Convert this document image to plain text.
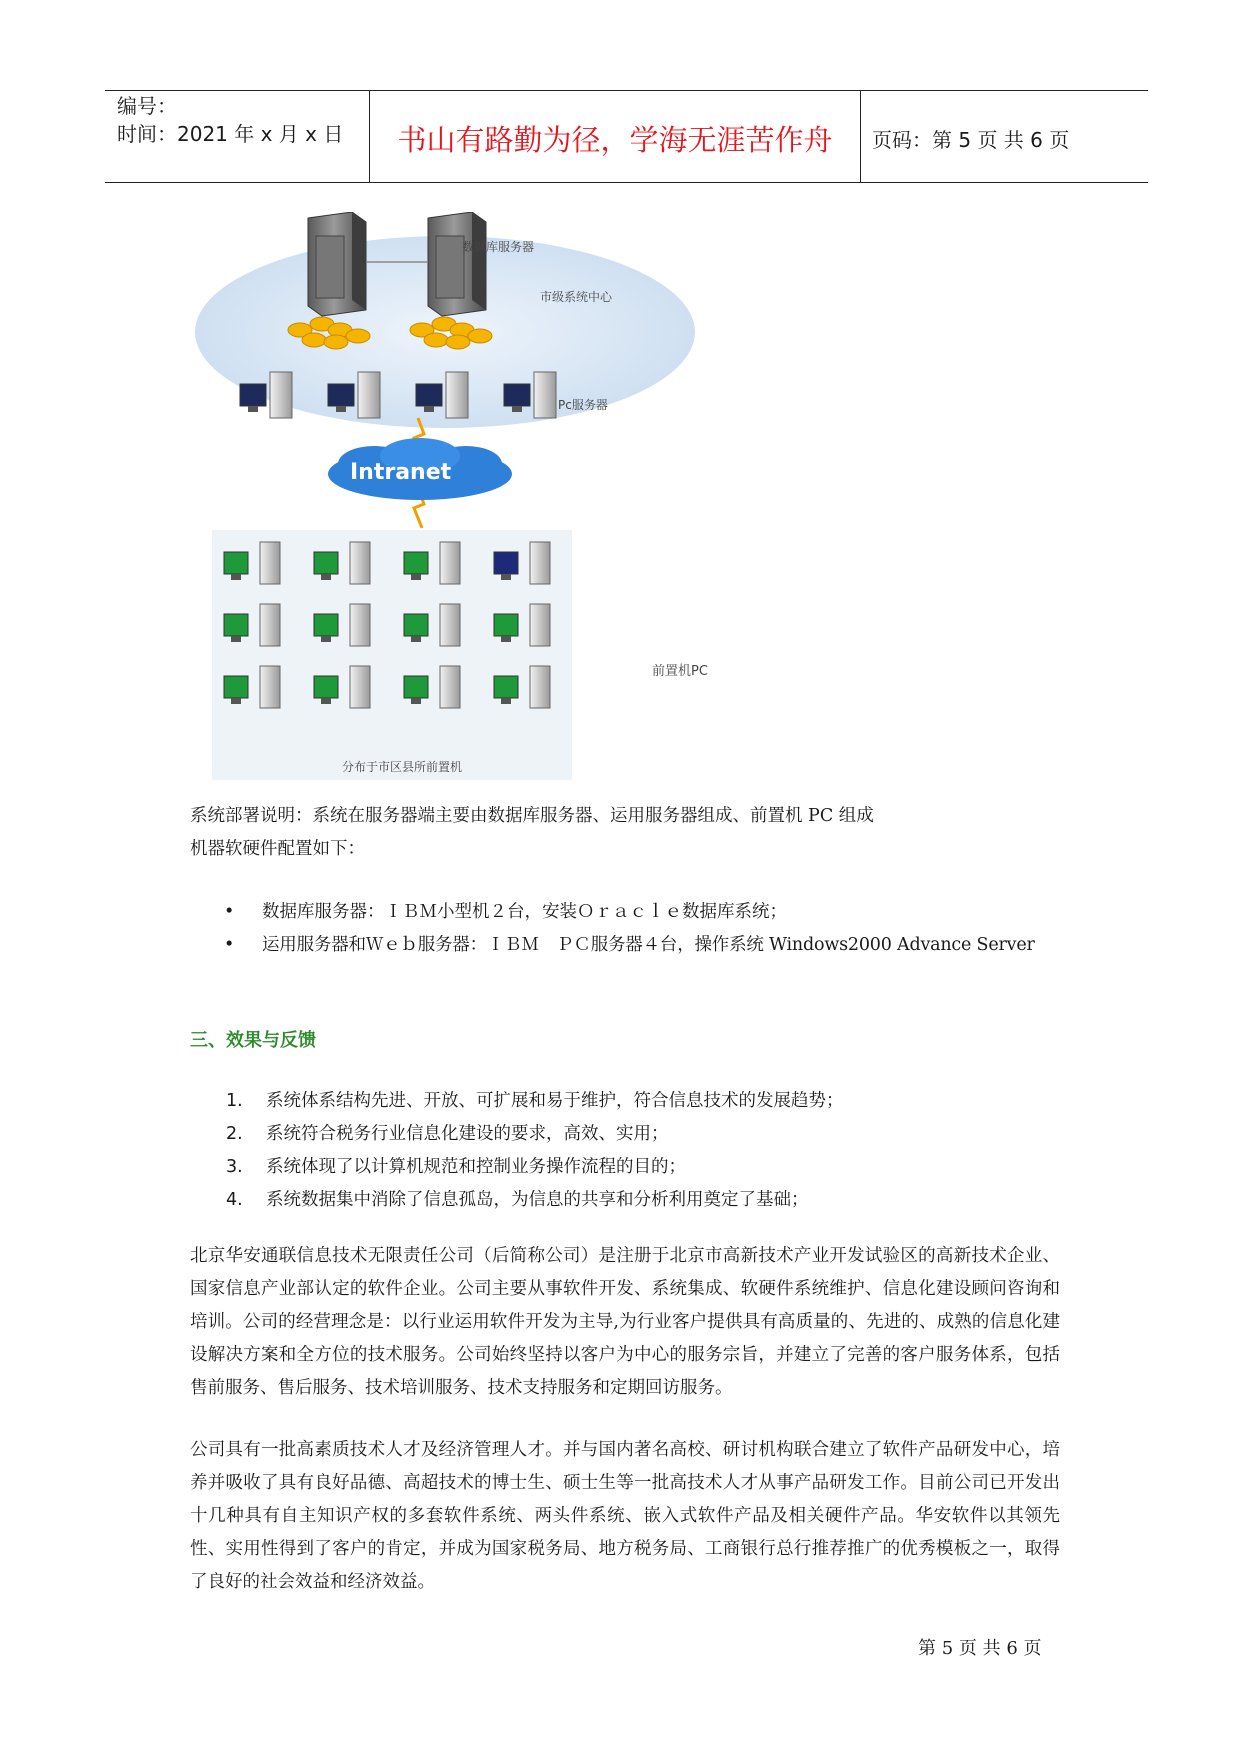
编号：
时间：2021 年 x 月 x 日	书山有路勤为径，学海无涯苦作舟	页码：第 5 页 共 6 页
数据库服务器
市级系统中心
Pc服务器
Intranet
前置机PC
分布于市区县所前置机
系统部署说明：系统在服务器端主要由数据库服务器、运用服务器组成、前置机 PC 组成
机器软硬件配置如下：
• 数据库服务器：ＩＢＭ小型机２台，安装Ｏｒａｃｌｅ数据库系统；
• 运用服务器和Ｗｅｂ服务器：ＩＢＭ　ＰＣ服务器４台，操作系统 Windows2000 Advance Server
三、效果与反馈
1. 系统体系结构先进、开放、可扩展和易于维护，符合信息技术的发展趋势；
2. 系统符合税务行业信息化建设的要求，高效、实用；
3. 系统体现了以计算机规范和控制业务操作流程的目的；
4. 系统数据集中消除了信息孤岛，为信息的共享和分析利用奠定了基础；
北京华安通联信息技术无限责任公司（后简称公司）是注册于北京市高新技术产业开发试验区的高新技术企业、国家信息产业部认定的软件企业。公司主要从事软件开发、系统集成、软硬件系统维护、信息化建设顾问咨询和培训。公司的经营理念是：以行业运用软件开发为主导,为行业客户提供具有高质量的、先进的、成熟的信息化建设解决方案和全方位的技术服务。公司始终坚持以客户为中心的服务宗旨，并建立了完善的客户服务体系，包括售前服务、售后服务、技术培训服务、技术支持服务和定期回访服务。
公司具有一批高素质技术人才及经济管理人才。并与国内著名高校、研讨机构联合建立了软件产品研发中心，培养并吸收了具有良好品德、高超技术的博士生、硕士生等一批高技术人才从事产品研发工作。目前公司已开发出十几种具有自主知识产权的多套软件系统、两头件系统、嵌入式软件产品及相关硬件产品。华安软件以其领先性、实用性得到了客户的肯定，并成为国家税务局、地方税务局、工商银行总行推荐推广的优秀模板之一，取得了良好的社会效益和经济效益。
第 5 页 共 6 页
